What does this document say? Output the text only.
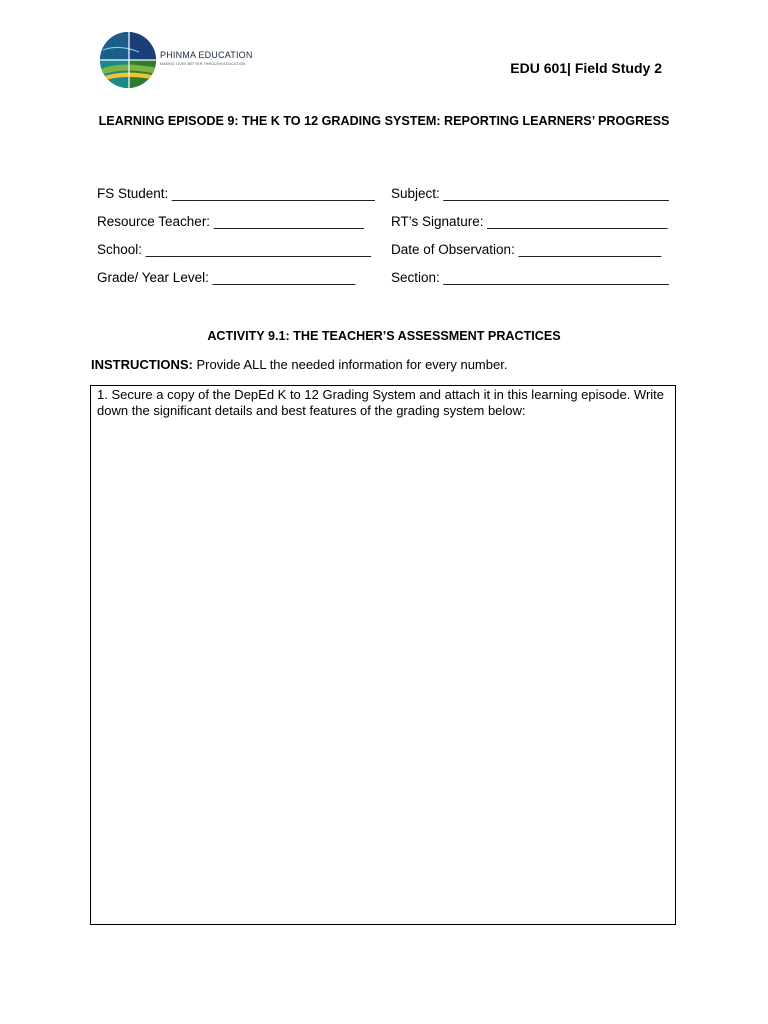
PHINMA EDUCATION
MAKING LIVES BETTER THROUGH EDUCATION	EDU 601| Field Study 2
LEARNING EPISODE 9: THE K TO 12 GRADING SYSTEM: REPORTING LEARNERS’ PROGRESS
FS Student: ___________________________ Subject: ______________________________
Resource Teacher: ____________________ RT’s Signature: ________________________
School: ______________________________ Date of Observation: ___________________
Grade/ Year Level: ___________________	Section: ______________________________
ACTIVITY 9.1: THE TEACHER’S ASSESSMENT PRACTICES
INSTRUCTIONS: Provide ALL the needed information for every number.
1. Secure a copy of the DepEd K to 12 Grading System and attach it in this learning episode. Write down the significant details and best features of the grading system below:
